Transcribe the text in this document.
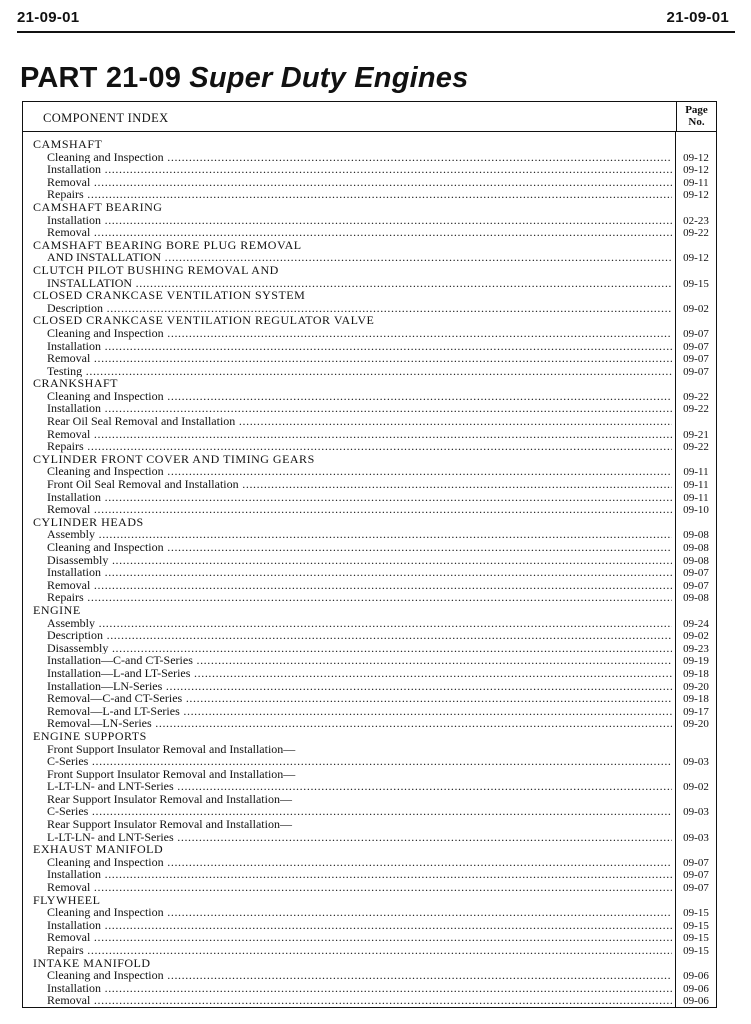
21-09-01	21-09-01
PART 21-09 Super Duty Engines
COMPONENT INDEX
Page
No.
CAMSHAFT
Cleaning and Inspection .....	09-12
Installation .....	09-12
Removal .....	09-11
Repairs .....	09-12
CAMSHAFT BEARING
Installation .....	02-23
Removal .....	09-22
CAMSHAFT BEARING BORE PLUG REMOVAL
AND INSTALLATION .....	09-12
CLUTCH PILOT BUSHING REMOVAL AND
INSTALLATION .....	09-15
CLOSED CRANKCASE VENTILATION SYSTEM
Description .....	09-02
CLOSED CRANKCASE VENTILATION REGULATOR VALVE
Cleaning and Inspection .....	09-07
Installation .....	09-07
Removal .....	09-07
Testing .....	09-07
CRANKSHAFT
Cleaning and Inspection .....	09-22
Installation .....	09-22
Rear Oil Seal Removal and Installation .....
Removal .....	09-21
Repairs .....	09-22
CYLINDER FRONT COVER AND TIMING GEARS
Cleaning and Inspection .....	09-11
Front Oil Seal Removal and Installation .....	09-11
Installation .....	09-11
Removal .....	09-10
CYLINDER HEADS
Assembly .....	09-08
Cleaning and Inspection .....	09-08
Disassembly .....	09-08
Installation .....	09-07
Removal .....	09-07
Repairs .....	09-08
ENGINE
Assembly .....	09-24
Description .....	09-02
Disassembly .....	09-23
Installation—C-and CT-Series .....	09-19
Installation—L-and LT-Series .....	09-18
Installation—LN-Series .....	09-20
Removal—C-and CT-Series .....	09-18
Removal—L-and LT-Series .....	09-17
Removal—LN-Series .....	09-20
ENGINE SUPPORTS
Front Support Insulator Removal and Installation—
C-Series .....	09-03
Front Support Insulator Removal and Installation—
L-LT-LN- and LNT-Series .....	09-02
Rear Support Insulator Removal and Installation—
C-Series .....	09-03
Rear Support Insulator Removal and Installation—
L-LT-LN- and LNT-Series .....	09-03
EXHAUST MANIFOLD
Cleaning and Inspection .....	09-07
Installation .....	09-07
Removal .....	09-07
FLYWHEEL
Cleaning and Inspection .....	09-15
Installation .....	09-15
Removal .....	09-15
Repairs .....	09-15
INTAKE MANIFOLD
Cleaning and Inspection .....	09-06
Installation .....	09-06
Removal .....	09-06
